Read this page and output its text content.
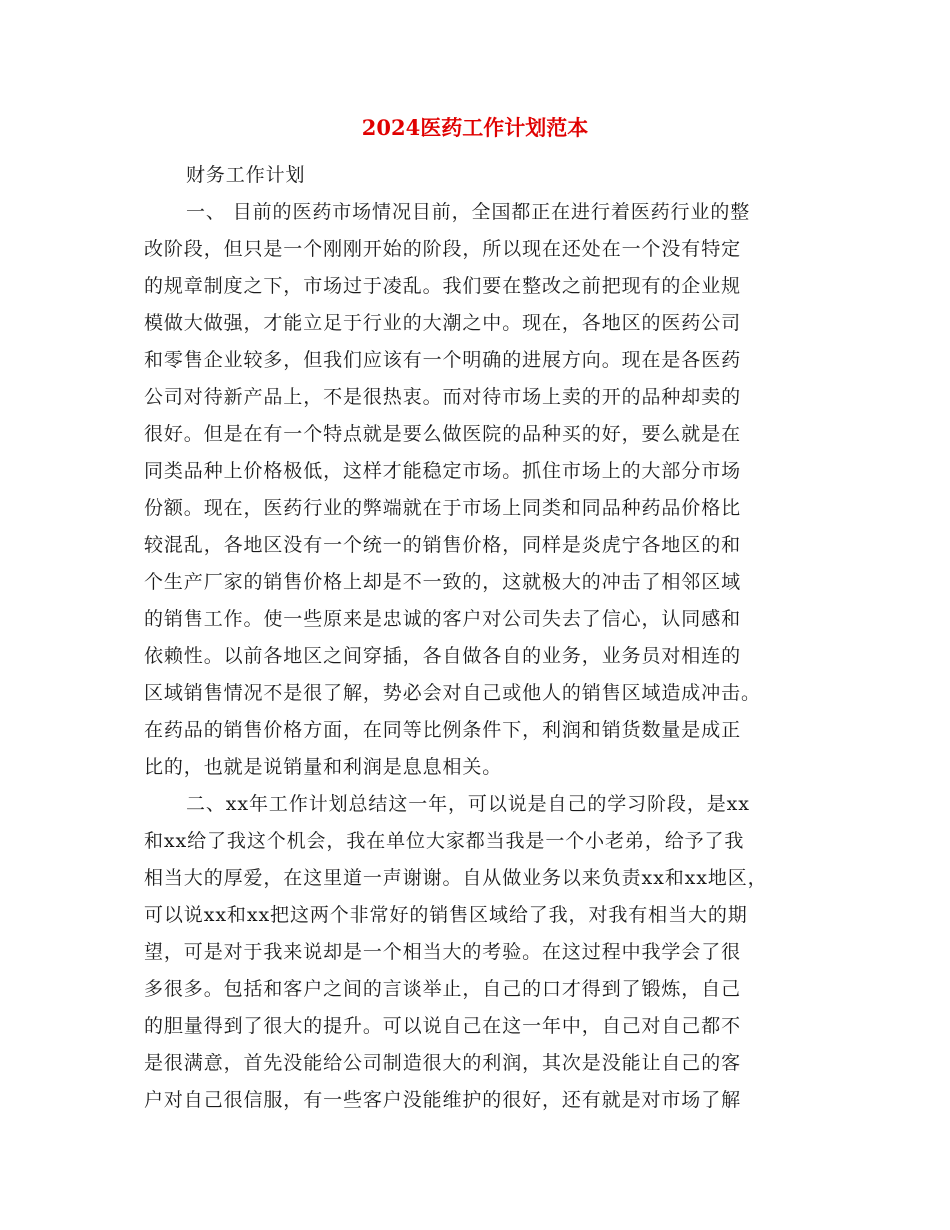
2024医药工作计划范本
财务工作计划
一、 目前的医药市场情况目前，全国都正在进行着医药行业的整
改阶段，但只是一个刚刚开始的阶段，所以现在还处在一个没有特定
的规章制度之下，市场过于凌乱。我们要在整改之前把现有的企业规
模做大做强，才能立足于行业的大潮之中。现在，各地区的医药公司
和零售企业较多，但我们应该有一个明确的进展方向。现在是各医药
公司对待新产品上，不是很热衷。而对待市场上卖的开的品种却卖的
很好。但是在有一个特点就是要么做医院的品种买的好，要么就是在
同类品种上价格极低，这样才能稳定市场。抓住市场上的大部分市场
份额。现在，医药行业的弊端就在于市场上同类和同品种药品价格比
较混乱，各地区没有一个统一的销售价格，同样是炎虎宁各地区的和
个生产厂家的销售价格上却是不一致的，这就极大的冲击了相邻区域
的销售工作。使一些原来是忠诚的客户对公司失去了信心，认同感和
依赖性。以前各地区之间穿插，各自做各自的业务，业务员对相连的
区域销售情况不是很了解，势必会对自己或他人的销售区域造成冲击。
在药品的销售价格方面，在同等比例条件下，利润和销货数量是成正
比的，也就是说销量和利润是息息相关。
二、xx年工作计划总结这一年，可以说是自己的学习阶段，是xx
和xx给了我这个机会，我在单位大家都当我是一个小老弟，给予了我
相当大的厚爱，在这里道一声谢谢。自从做业务以来负责xx和xx地区，
可以说xx和xx把这两个非常好的销售区域给了我，对我有相当大的期
望，可是对于我来说却是一个相当大的考验。在这过程中我学会了很
多很多。包括和客户之间的言谈举止，自己的口才得到了锻炼，自己
的胆量得到了很大的提升。可以说自己在这一年中，自己对自己都不
是很满意，首先没能给公司制造很大的利润，其次是没能让自己的客
户对自己很信服，有一些客户没能维护的很好，还有就是对市场了解
